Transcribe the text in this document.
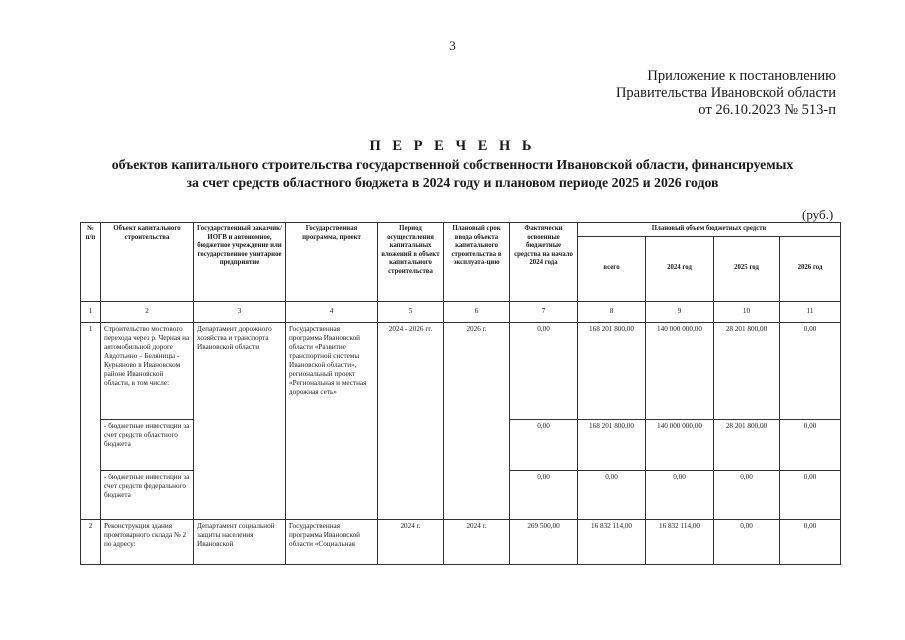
3
Приложение к постановлению
Правительства Ивановской области
от 26.10.2023 № 513-п
П Е Р Е Ч Е Н Ь
объектов капитального строительства государственной собственности Ивановской области, финансируемых
за счет средств областного бюджета в 2024 году и плановом периоде 2025 и 2026 годов
(руб.)
№ п/п	Объект капитального строительства	Государственный заказчик/ИОГВ и автономное, бюджетное учреждение или государственное унитарное предприятие	Государственная программа, проект	Период осуществления капитальных вложений в объект капитального строительства	Плановый срок ввода объекта капитального строительства в эксплуата-цию	Фактически освоенные бюджетные средства на начало 2024 года	Плановый объем бюджетных средств			
							всего	2024 год	2025 год	2026 год
1	2	3	4	5	6	7	8	9	10	11
1	Строительство мостового перехода через р. Черная на автомобильной дороге Авдотьино – Беляницы - Курьяново в Ивановском районе Ивановской области, в том числе:	Департамент дорожного хозяйства и транспорта Ивановской области	Государственная программа Ивановской области «Развитие транспортной системы Ивановской области», региональный проект «Региональная и местная дорожная сеть»	2024 - 2026 гг.	2026 г.	0,00	168 201 800,00	140 000 000,00	28 201 800,00	0,00
	- бюджетные инвестиции за счет средств областного бюджета					0,00	168 201 800,00	140 000 000,00	28 201 800,00	0,00
	- бюджетные инвестиции за счет средств федерального бюджета					0,00	0,00	0,00	0,00	0,00
2	Реконструкция здания промтоварного склада № 2 по адресу:	Департамент социальной защиты населения Ивановской	Государственная программа Ивановской области «Социальная	2024 г.	2024 г.	269 500,00	16 832 114,00	16 832 114,00	0,00	0,00
